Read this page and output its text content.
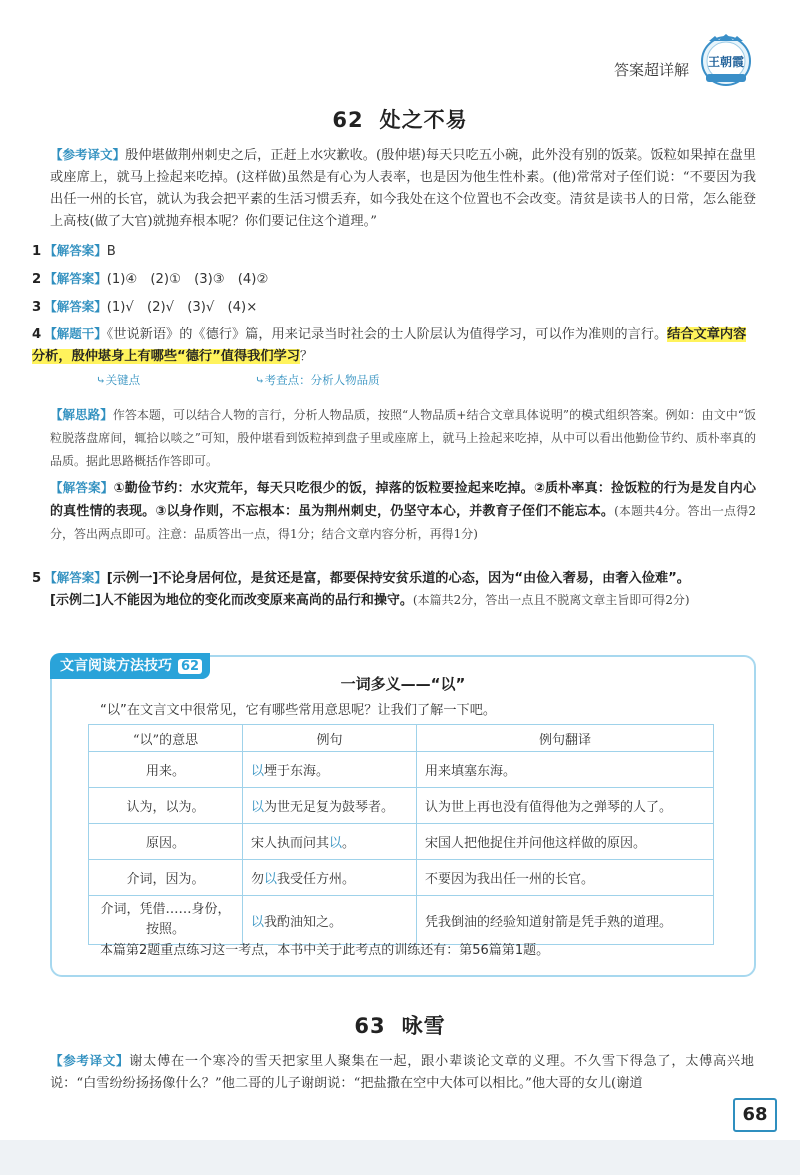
答案超详解 王朝霞
62 处之不易
【参考译文】殷仲堪做荆州刺史之后，正赶上水灾歉收。(殷仲堪)每天只吃五小碗，此外没有别的饭菜。饭粒如果掉在盘里或座席上，就马上捡起来吃掉。(这样做)虽然是有心为人表率，也是因为他生性朴素。(他)常常对子侄们说：“不要因为我出任一州的长官，就认为我会把平素的生活习惯丢弃，如今我处在这个位置也不会改变。清贫是读书人的日常，怎么能登上高枝(做了大官)就抛弃根本呢？你们要记住这个道理。”
1 【解答案】B
2 【解答案】(1)④　(2)①　(3)③　(4)②
3 【解答案】(1)√　(2)√　(3)√　(4)×
4 【解题干】《世说新语》的《德行》篇，用来记录当时社会的士人阶层认为值得学习，可以作为准则的言行。结合文章内容分析，殷仲堪身上有哪些“德行”值得我们学习？
⤷关键点	⤷考查点：分析人物品质
【解思路】作答本题，可以结合人物的言行，分析人物品质，按照“人物品质+结合文章具体说明”的模式组织答案。例如：由文中“饭粒脱落盘席间，辄拾以啖之”可知，殷仲堪看到饭粒掉到盘子里或座席上，就马上捡起来吃掉，从中可以看出他勤俭节约、质朴率真的品质。据此思路概括作答即可。
【解答案】①勤俭节约：水灾荒年，每天只吃很少的饭，掉落的饭粒要捡起来吃掉。②质朴率真：捡饭粒的行为是发自内心的真性情的表现。③以身作则，不忘根本：虽为荆州刺史，仍坚守本心，并教育子侄们不能忘本。(本题共4分。答出一点得2分，答出两点即可。注意：品质答出一点，得1分；结合文章内容分析，再得1分)
5 【解答案】[示例一]不论身居何位，是贫还是富，都要保持安贫乐道的心态，因为“由俭入奢易，由奢入俭难”。
[示例二]人不能因为地位的变化而改变原来高尚的品行和操守。(本篇共2分，答出一点且不脱离文章主旨即可得2分)
文言阅读方法技巧 62
一词多义——“以”
“以”在文言文中很常见，它有哪些常用意思呢？让我们了解一下吧。
“以”的意思	例句	例句翻译
用来。	以堙于东海。	用来填塞东海。
认为，以为。	以为世无足复为鼓琴者。	认为世上再也没有值得他为之弹琴的人了。
原因。	宋人执而问其以。	宋国人把他捉住并问他这样做的原因。
介词，因为。	勿以我受任方州。	不要因为我出任一州的长官。
介词，凭借……身份，按照。	以我酌油知之。	凭我倒油的经验知道射箭是凭手熟的道理。
本篇第2题重点练习这一考点，本书中关于此考点的训练还有：第56篇第1题。
63 咏雪
【参考译文】谢太傅在一个寒冷的雪天把家里人聚集在一起，跟小辈谈论文章的义理。不久雪下得急了，太傅高兴地说：“白雪纷纷扬扬像什么？”他二哥的儿子谢朗说：“把盐撒在空中大体可以相比。”他大哥的女儿(谢道
68
